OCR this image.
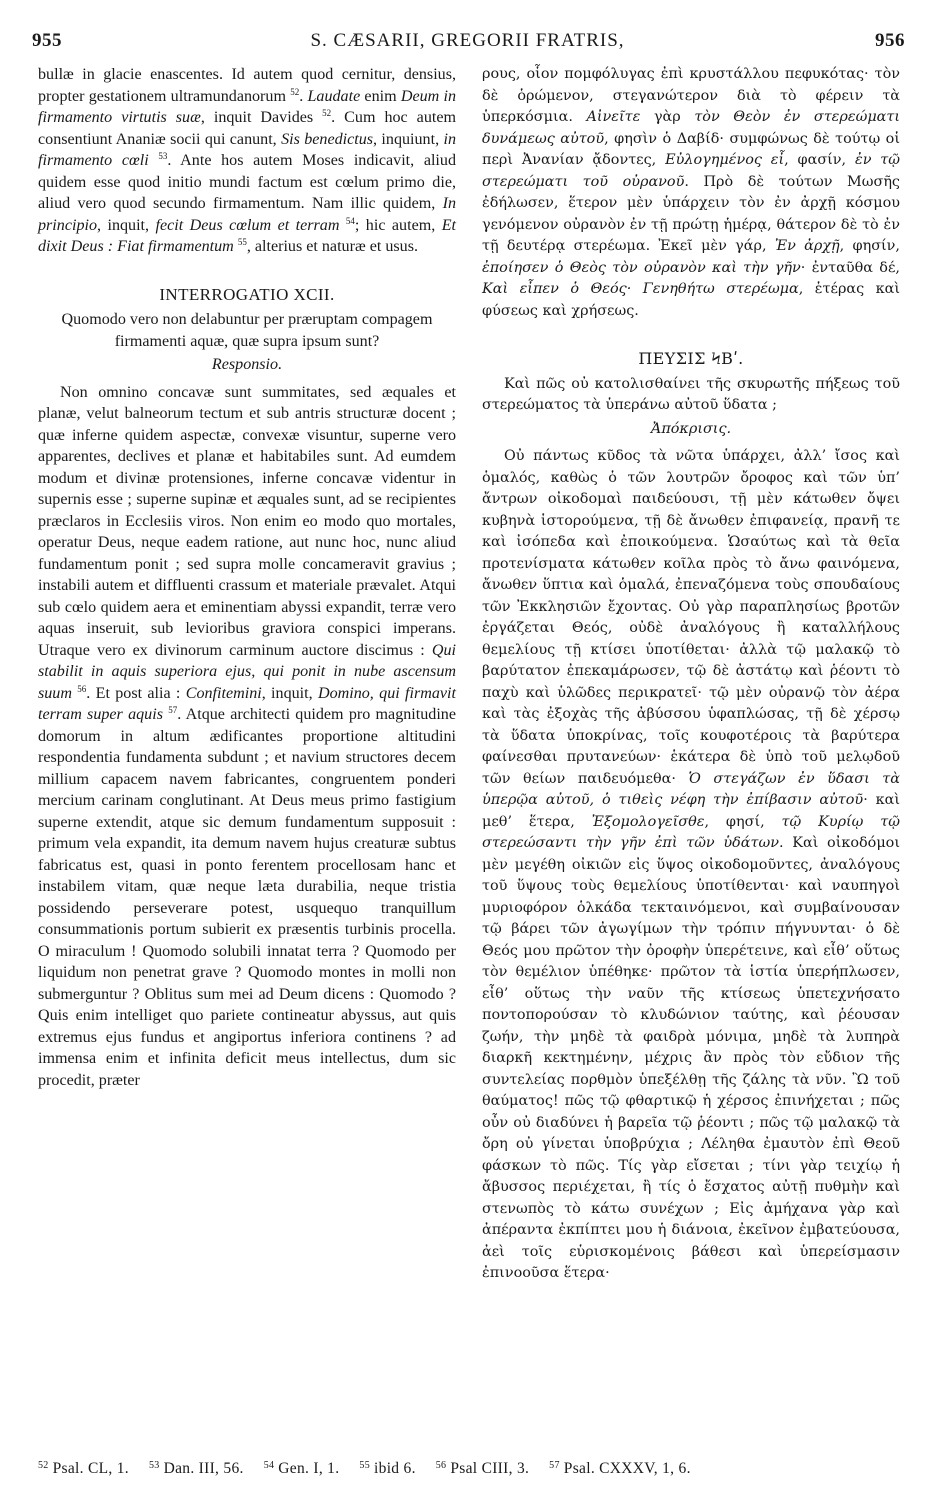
955	S. CÆSARII, GREGORII FRATRIS,	956

bullæ in glacie enascentes. Id autem quod cernitur, densius, propter gestationem ultramundanorum $^{52}$. Laudate enim Deum in firmamento virtutis suæ, inquit Davides $^{52}$. Cum hoc autem consentiunt Ananiæ socii qui canunt, Sis benedictus, inquiunt, in firmamento cœli $^{53}$. Ante hos autem Moses indicavit, aliud quidem esse quod initio mundi factum est cœlum primo die, aliud vero quod secundo firmamentum. Nam illic quidem, In principio, inquit, fecit Deus cœlum et terram $^{54}$; hic autem, Et dixit Deus : Fiat firmamentum $^{55}$, alterius et naturæ et usus.

INTERROGATIO XCII.

Quomodo vero non delabuntur per præruptam compagem firmamenti aquæ, quæ supra ipsum sunt?

Responsio.

Non omnino concavæ sunt summitates, sed æquales et planæ, velut balneorum tectum et sub antris structuræ docent ; quæ inferne quidem aspectæ, convexæ visuntur, superne vero apparentes, declives et planæ et habitabiles sunt. Ad eumdem modum et divinæ protensiones, inferne concavæ videntur in supernis esse ; superne supinæ et æquales sunt, ad se recipientes præclaros in Ecclesiis viros. Non enim eo modo quo mortales, operatur Deus, neque eadem ratione, aut nunc hoc, nunc aliud fundamentum ponit ; sed supra molle concameravit gravius ; instabili autem et diffluenti crassum et materiale prævalet. Atqui sub cœlo quidem aera et eminentiam abyssi expandit, terræ vero aquas inseruit, sub levioribus graviora conspici imperans. Utraque vero ex divinorum carminum auctore discimus : Qui stabilit in aquis superiora ejus, qui ponit in nube ascensum suum $^{56}$. Et post alia : Confitemini, inquit, Domino, qui firmavit terram super aquis $^{57}$. Atque architecti quidem pro magnitudine domorum in altum ædificantes proportione altitudini respondentia fundamenta subdunt ; et navium structores decem millium capacem navem fabricantes, congruentem ponderi mercium carinam conglutinant. At Deus meus primo fastigium superne extendit, atque sic demum fundamentum supposuit : primum vela expandit, ita demum navem hujus creaturæ subtus fabricatus est, quasi in ponto ferentem procellosam hanc et instabilem vitam, quæ neque læta durabilia, neque tristia possidendo perseverare potest, usquequo tranquillum consummationis portum subierit ex præsentis turbinis procella. O miraculum ! Quomodo solubili innatat terra ? Quomodo per liquidum non penetrat grave ? Quomodo montes in molli non submerguntur ? Oblitus sum mei ad Deum dicens : Quomodo ? Quis enim intelliget quo pariete contineatur abyssus, aut quis extremus ejus fundus et angiportus inferiora continens ? ad immensa enim et infinita deficit meus intellectus, dum sic procedit, præter

ρους, οἷον πομφόλυγας ἐπὶ κρυστάλλου πεφυκότας· τὸν δὲ ὁρώμενον, στεγανώτερον διὰ τὸ φέρειν τὰ ὑπερκόσμια. Αἰνεῖτε γὰρ τὸν Θεὸν ἐν στερεώματι δυνάμεως αὐτοῦ, φησὶν ὁ Δαβίδ· συμφώνως δὲ τούτῳ οἱ περὶ Ἀνανίαν ᾄδοντες, Εὐλογημένος εἶ, φασίν, ἐν τῷ στερεώματι τοῦ οὐρανοῦ. Πρὸ δὲ τούτων Μωσῆς ἐδήλωσεν, ἕτερον μὲν ὑπάρχειν τὸν ἐν ἀρχῇ κόσμου γενόμενον οὐρανὸν ἐν τῇ πρώτῃ ἡμέρᾳ, θάτερον δὲ τὸ ἐν τῇ δευτέρᾳ στερέωμα. Ἐκεῖ μὲν γάρ, Ἐν ἀρχῇ, φησίν, ἐποίησεν ὁ Θεὸς τὸν οὐρανὸν καὶ τὴν γῆν· ἐνταῦθα δέ, Καὶ εἶπεν ὁ Θεός· Γενηθήτω στερέωμα, ἑτέρας καὶ φύσεως καὶ χρήσεως.

ΠΕΥΣΙΣ ϞΒʹ.

Καὶ πῶς οὐ κατολισθαίνει τῆς σκυρωτῆς πήξεως τοῦ στερεώματος τὰ ὑπεράνω αὐτοῦ ὕδατα ;

Ἀπόκρισις.

Οὐ πάντως κῦδος τὰ νῶτα ὑπάρχει, ἀλλ’ ἴσος καὶ ὁμαλός, καθὼς ὁ τῶν λουτρῶν ὄροφος καὶ τῶν ὑπ’ ἄντρων οἰκοδομαὶ παιδεύουσι, τῇ μὲν κάτωθεν ὄψει κυβηνὰ ἱστορούμενα, τῇ δὲ ἄνωθεν ἐπιφανείᾳ, πρανῆ τε καὶ ἰσόπεδα καὶ ἐποικούμενα. Ὡσαύτως καὶ τὰ θεῖα προτενίσματα κάτωθεν κοῖλα πρὸς τὸ ἄνω φαινόμενα, ἄνωθεν ὕπτια καὶ ὁμαλά, ἐπεναζόμενα τοὺς σπουδαίους τῶν Ἐκκλησιῶν ἔχοντας. Οὐ γὰρ παραπλησίως βροτῶν ἐργάζεται Θεός, οὐδὲ ἀναλόγους ἢ καταλλήλους θεμελίους τῇ κτίσει ὑποτίθεται· ἀλλὰ τῷ μαλακῷ τὸ βαρύτατον ἐπεκαμάρωσεν, τῷ δὲ ἀστάτῳ καὶ ῥέοντι τὸ παχὺ καὶ ὑλῶδες περικρατεῖ· τῷ μὲν οὐρανῷ τὸν ἀέρα καὶ τὰς ἐξοχὰς τῆς ἀβύσσου ὑφαπλώσας, τῇ δὲ χέρσῳ τὰ ὕδατα ὑποκρίνας, τοῖς κουφοτέροις τὰ βαρύτερα φαίνεσθαι πρυτανεύων· ἑκάτερα δὲ ὑπὸ τοῦ μελῳδοῦ τῶν θείων παιδευόμεθα· Ὁ στεγάζων ἐν ὕδασι τὰ ὑπερῷα αὐτοῦ, ὁ τιθεὶς νέφη τὴν ἐπίβασιν αὐτοῦ· καὶ μεθ’ ἕτερα, Ἐξομολογεῖσθε, φησί, τῷ Κυρίῳ τῷ στερεώσαντι τὴν γῆν ἐπὶ τῶν ὑδάτων. Καὶ οἰκοδόμοι μὲν μεγέθη οἰκιῶν εἰς ὕψος οἰκοδομοῦντες, ἀναλόγους τοῦ ὕψους τοὺς θεμελίους ὑποτίθενται· καὶ ναυπηγοὶ μυριοφόρον ὁλκάδα τεκταινόμενοι, καὶ συμβαίνουσαν τῷ βάρει τῶν ἀγωγίμων τὴν τρόπιν πήγνυνται· ὁ δὲ Θεός μου πρῶτον τὴν ὀροφὴν ὑπερέτεινε, καὶ εἶθ’ οὕτως τὸν θεμέλιον ὑπέθηκε· πρῶτον τὰ ἱστία ὑπερήπλωσεν, εἶθ’ οὕτως τὴν ναῦν τῆς κτίσεως ὑπετεχνήσατο ποντοπορούσαν τὸ κλυδώνιον ταύτης, καὶ ῥέουσαν ζωήν, τὴν μηδὲ τὰ φαιδρὰ μόνιμα, μηδὲ τὰ λυπηρὰ διαρκῆ κεκτημένην, μέχρις ἂν πρὸς τὸν εὔδιον τῆς συντελείας πορθμὸν ὑπεξέλθῃ τῆς ζάλης τὰ νῦν. Ὢ τοῦ θαύματος! πῶς τῷ φθαρτικῷ ἡ χέρσος ἐπινήχεται ; πῶς οὖν οὐ διαδύνει ἡ βαρεῖα τῷ ῥέοντι ; πῶς τῷ μαλακῷ τὰ ὄρη οὐ γίνεται ὑποβρύχια ; Λέληθα ἐμαυτὸν ἐπὶ Θεοῦ φάσκων τὸ πῶς. Τίς γὰρ εἴσεται ; τίνι γὰρ τειχίῳ ἡ ἄβυσσος περιέχεται, ἢ τίς ὁ ἔσχατος αὐτῇ πυθμὴν καὶ στενωπὸς τὸ κάτω συνέχων ; Εἰς ἀμήχανα γὰρ καὶ ἀπέραντα ἐκπίπτει μου ἡ διάνοια, ἐκεῖνον ἐμβατεύουσα, ἀεὶ τοῖς εὑρισκομένοις βάθεσι καὶ ὑπερείσμασιν ἐπινοοῦσα ἕτερα·

$^{52}$ Psal. CL, 1. $^{53}$ Dan. III, 56. $^{54}$ Gen. I, 1. $^{55}$ ibid 6. $^{56}$ Psal CIII, 3. $^{57}$ Psal. CXXXV, 1, 6.
